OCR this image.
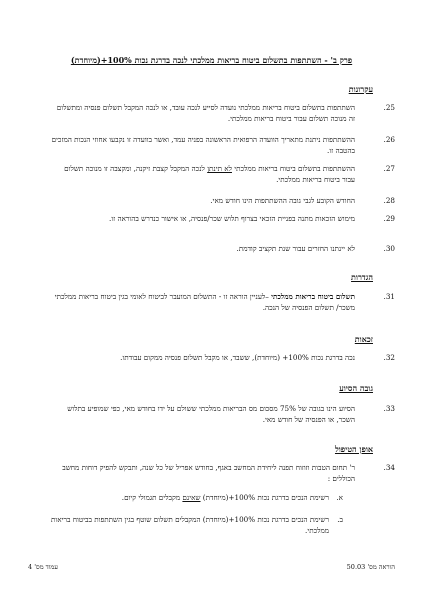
פרק ב' - השתתפות בתשלום ביטוח בריאות ממלכתי לנכה בדרגת נכות 100%+(מיוחדת)
עקרונות
25.
השתתפות בתשלום ביטוח בריאות ממלכתי נועדה לסייע לנכה עובד, או לנכה המקבל תשלום פנסיה ומתשלום זה מנוכה תשלום עבור ביטוח בריאות ממלכתי.
26.
ההשתתפות ניתנת מתאריך הוועדה הרפואית הראשונה בפניה עמד, ואשר בוועדה זו נקבעו אחוזי הנכות המזכים בהטבה זו.
27.
ההשתתפות בתשלום ביטוח בריאות ממלכתי לא תינתן לנכה המקבל קצבת זיקנה, ומקצבה זו מנוכה תשלום עבור ביטוח בריאות ממלכתי.
28.
החודש הקובע לגבי גובה ההשתתפות הינו חודש מאי.
29.
מימוש הזכאות מתנה בפניית הזכאי בצרוף תלוש שכר/פנסיה, או אישור כנדרש בהוראה זו.
30.
לא יינתנו החזרים עבור שנת תקציב קודמת.
הגדרות
31.
תשלום ביטוח בריאות ממלכתי –לעניין הוראה זו - התשלום המועבר לביטוח לאומי בגין ביטוח בריאות ממלכתי משכר/ תשלום הפנסיה של הנכה.
זכאות
32.
נכה בדרגת נכות 100%+ (מיוחדת), ששבד, או מקבל תשלום פנסיה ממקום עבודתו.
גובה הסיוע
33.
הסיוע הינו בגובה של 75% מסכום מס הבריאות ממלכתי ששולם על ידו בחודש מאי, כפי שמופיע בתלוש השכר, או הפנסיה של חודש מאי.
אופן הטיפול
34.
ר' תחום הטבות וזוזוח תפנה ליחידת המחשב באגף, בחודש אפריל של כל שנה, ותבקש להפיק דוחות מחשב הכוללים :
א.
רשימת הנכים בדרגת נכות 100%+(מיוחדת) שאינם מקבלים תגמולי קיום.
ב.
רשימת הנכים בדרגת נכות 100%+(מיוחדת) המקבלים תשלום שוטף בגין השתתפות בביטוח בריאות ממלכתי.
עמוד מס' 4	הוראה מס' 50.03
